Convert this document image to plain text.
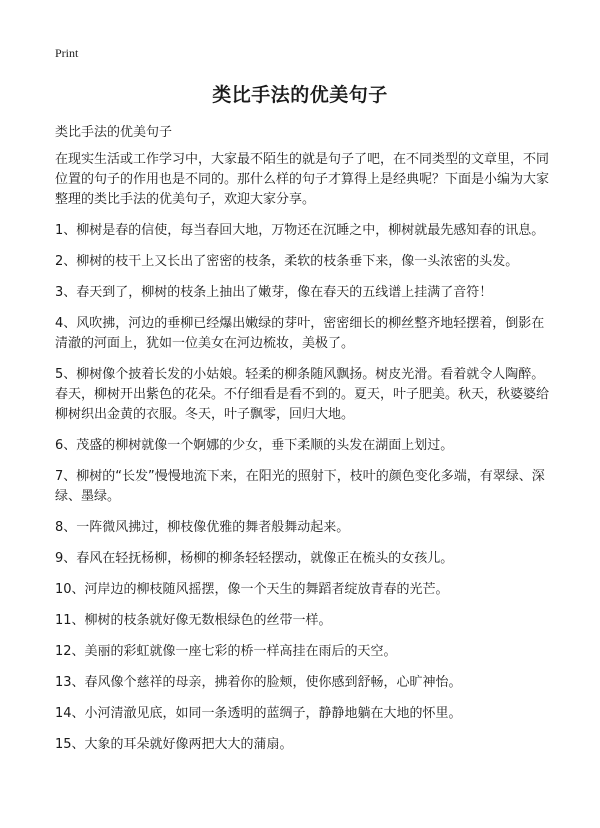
Print
类比手法的优美句子

类比手法的优美句子

在现实生活或工作学习中，大家最不陌生的就是句子了吧，在不同类型的文章里，不同位置的句子的作用也是不同的。那什么样的句子才算得上是经典呢？下面是小编为大家整理的类比手法的优美句子，欢迎大家分享。

1、柳树是春的信使，每当春回大地，万物还在沉睡之中，柳树就最先感知春的讯息。

2、柳树的枝干上又长出了密密的枝条，柔软的枝条垂下来，像一头浓密的头发。

3、春天到了，柳树的枝条上抽出了嫩芽，像在春天的五线谱上挂满了音符！

4、风吹拂，河边的垂柳已经爆出嫩绿的芽叶，密密细长的柳丝整齐地轻摆着，倒影在清澈的河面上，犹如一位美女在河边梳妆，美极了。

5、柳树像个披着长发的小姑娘。轻柔的柳条随风飘扬。树皮光滑。看着就令人陶醉。春天，柳树开出紫色的花朵。不仔细看是看不到的。夏天，叶子肥美。秋天，秋婆婆给柳树织出金黄的衣服。冬天，叶子飘零，回归大地。

6、茂盛的柳树就像一个婀娜的少女，垂下柔顺的头发在湖面上划过。

7、柳树的“长发”慢慢地流下来，在阳光的照射下，枝叶的颜色变化多端，有翠绿、深绿、墨绿。

8、一阵微风拂过，柳枝像优雅的舞者般舞动起来。

9、春风在轻抚杨柳，杨柳的柳条轻轻摆动，就像正在梳头的女孩儿。

10、河岸边的柳枝随风摇摆，像一个天生的舞蹈者绽放青春的光芒。

11、柳树的枝条就好像无数根绿色的丝带一样。

12、美丽的彩虹就像一座七彩的桥一样高挂在雨后的天空。

13、春风像个慈祥的母亲，拂着你的脸颊，使你感到舒畅，心旷神怡。

14、小河清澈见底，如同一条透明的蓝绸子，静静地躺在大地的怀里。

15、大象的耳朵就好像两把大大的蒲扇。
